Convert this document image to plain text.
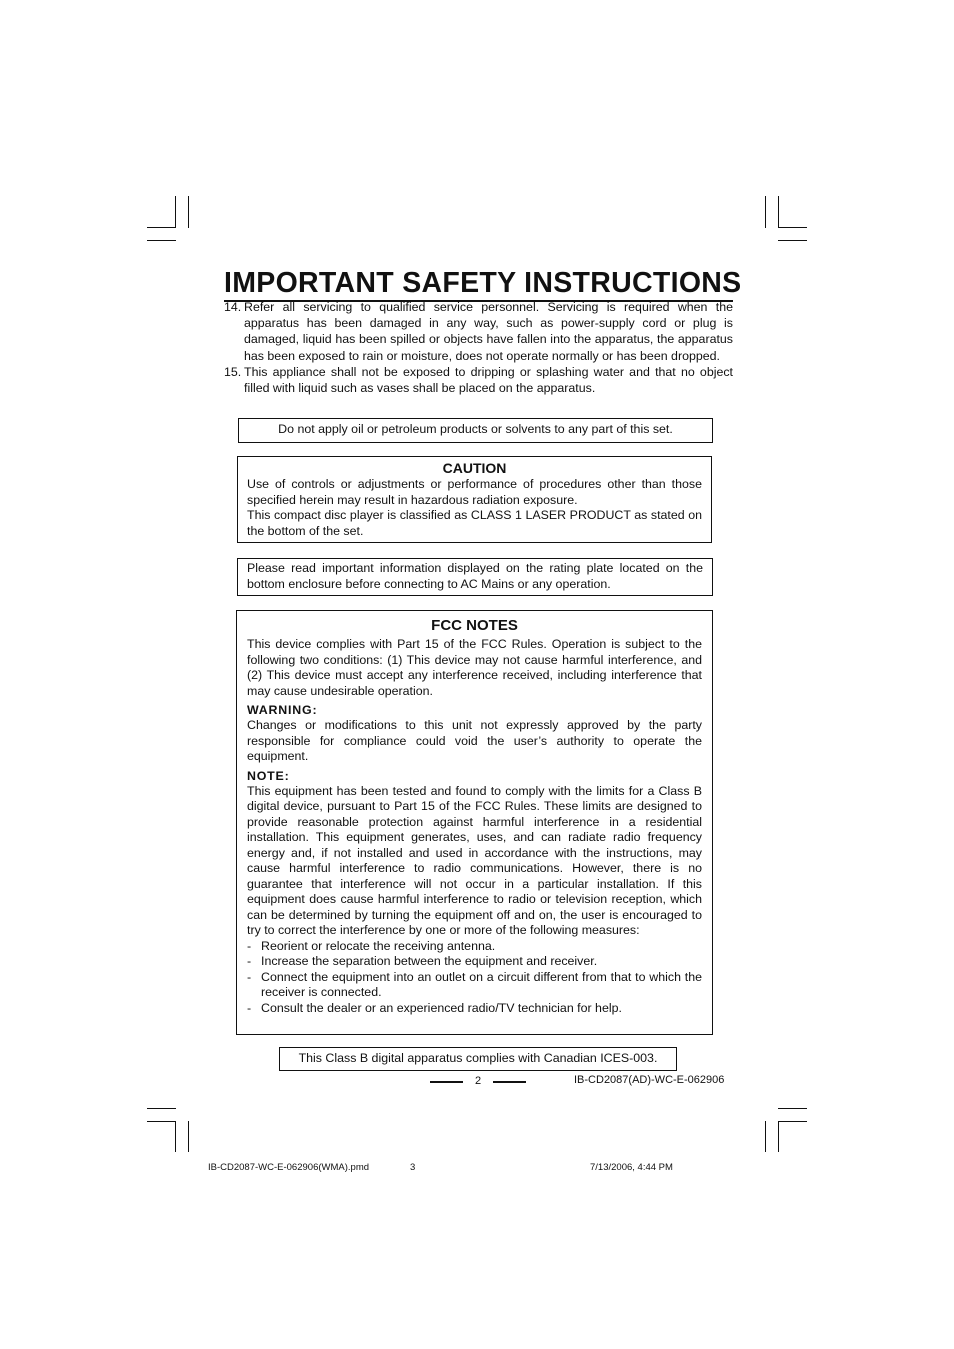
IMPORTANT SAFETY INSTRUCTIONS
14. Refer all servicing to qualified service personnel. Servicing is required when the apparatus has been damaged in any way, such as power-supply cord or plug is damaged, liquid has been spilled or objects have fallen into the apparatus, the apparatus has been exposed to rain or moisture, does not operate normally or has been dropped.
15. This appliance shall not be exposed to dripping or splashing water and that no object filled with liquid such as vases shall be placed on the apparatus.
Do not apply oil or petroleum products or solvents to any part of this set.
CAUTION

Use of controls or adjustments or performance of procedures other than those specified herein may result in hazardous radiation exposure.

This compact disc player is classified as CLASS 1 LASER PRODUCT as stated on the bottom of the set.

Please read important information displayed on the rating plate located on the bottom enclosure before connecting to AC Mains or any operation.

FCC NOTES

This device complies with Part 15 of the FCC Rules. Operation is subject to the following two conditions: (1) This device may not cause harmful interference, and (2) This device must accept any interference received, including interference that may cause undesirable operation.

WARNING:

Changes or modifications to this unit not expressly approved by the party responsible for compliance could void the user’s authority to operate the equipment.

NOTE:

This equipment has been tested and found to comply with the limits for a Class B digital device, pursuant to Part 15 of the FCC Rules. These limits are designed to provide reasonable protection against harmful interference in a residential installation. This equipment generates, uses, and can radiate radio frequency energy and, if not installed and used in accordance with the instructions, may cause harmful interference to radio communications. However, there is no guarantee that interference will not occur in a particular installation. If this equipment does cause harmful interference to radio or television reception, which can be determined by turning the equipment off and on, the user is encouraged to try to correct the interference by one or more of the following measures:

- Reorient or relocate the receiving antenna.
- Increase the separation between the equipment and receiver.
- Connect the equipment into an outlet on a circuit different from that to which the receiver is connected.
- Consult the dealer or an experienced radio/TV technician for help.
This Class B digital apparatus complies with Canadian ICES-003.
2	IB-CD2087(AD)-WC-E-062906
IB-CD2087-WC-E-062906(WMA).pmd	3	7/13/2006, 4:44 PM
